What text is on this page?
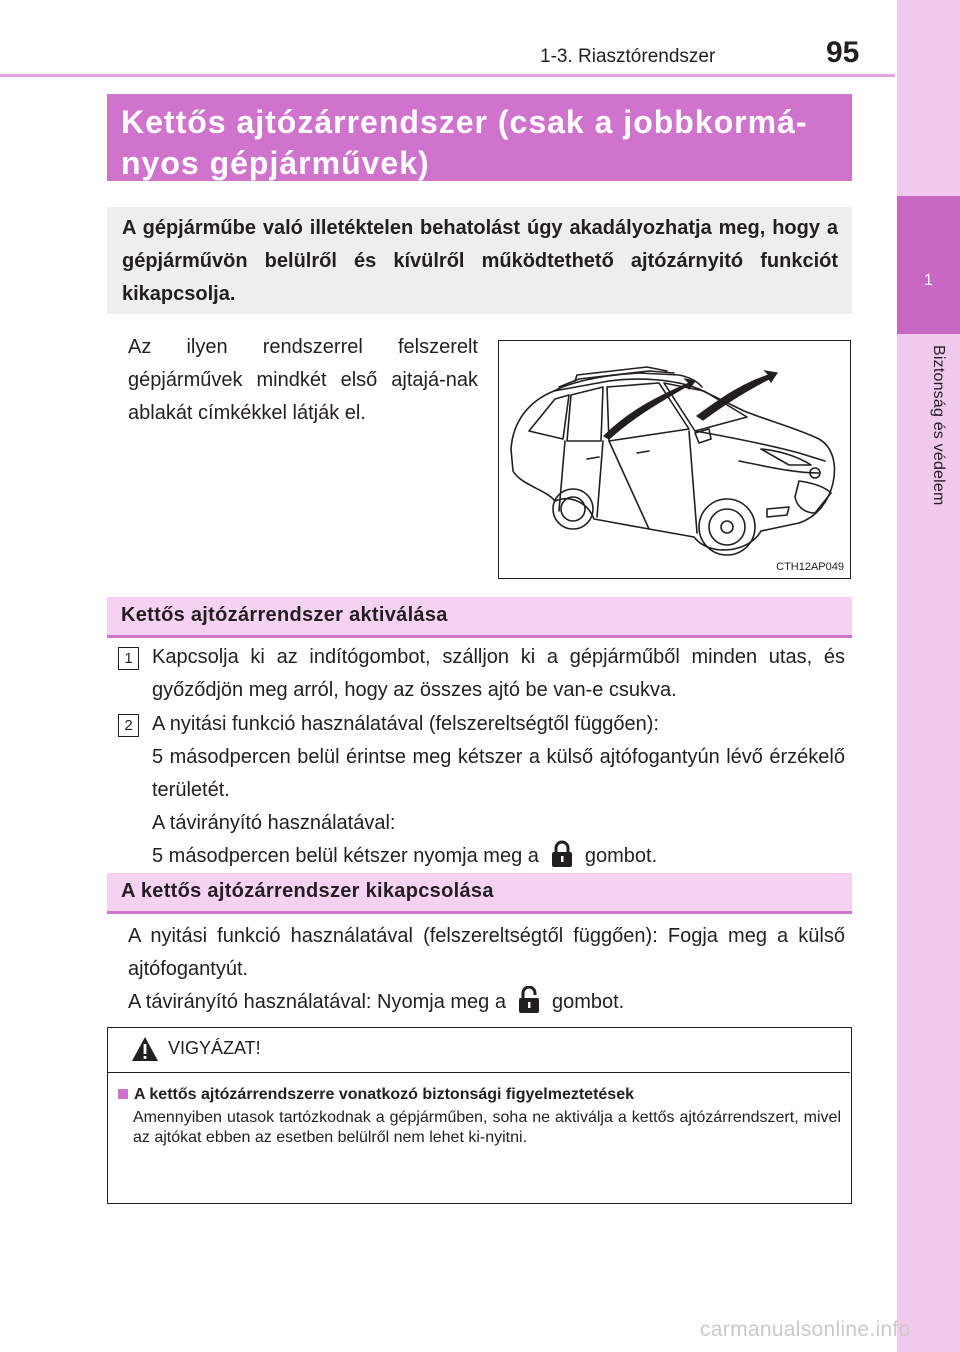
1-3. Riasztórendszer	95
1
Biztonság és védelem
Kettős ajtózárrendszer (csak a jobbkormá-nyos gépjárművek)

A gépjárműbe való illetéktelen behatolást úgy akadályozhatja meg, hogy a gépjárművön belülről és kívülről működtethető ajtózárnyitó funkciót kikapcsolja.

Az ilyen rendszerrel felszerelt gépjárművek mindkét első ajtajá-nak ablakát címkékkel látják el.
CTH12AP049
Kettős ajtózárrendszer aktiválása
1 Kapcsolja ki az indítógombot, szálljon ki a gépjárműből minden utas, és győződjön meg arról, hogy az összes ajtó be van-e csukva.
2 A nyitási funkció használatával (felszereltségtől függően):
5 másodpercen belül érintse meg kétszer a külső ajtófogantyún lévő érzékelő területét.
A távirányító használatával:
5 másodpercen belül kétszer nyomja meg a gombot.
A kettős ajtózárrendszer kikapcsolása
A nyitási funkció használatával (felszereltségtől függően): Fogja meg a külső ajtófogantyút.
A távirányító használatával: Nyomja meg a gombot.
VIGYÁZAT!
A kettős ajtózárrendszerre vonatkozó biztonsági figyelmeztetések
Amennyiben utasok tartózkodnak a gépjárműben, soha ne aktiválja a kettős ajtózárrendszert, mivel az ajtókat ebben az esetben belülről nem lehet ki-nyitni.
carmanualsonline.info
